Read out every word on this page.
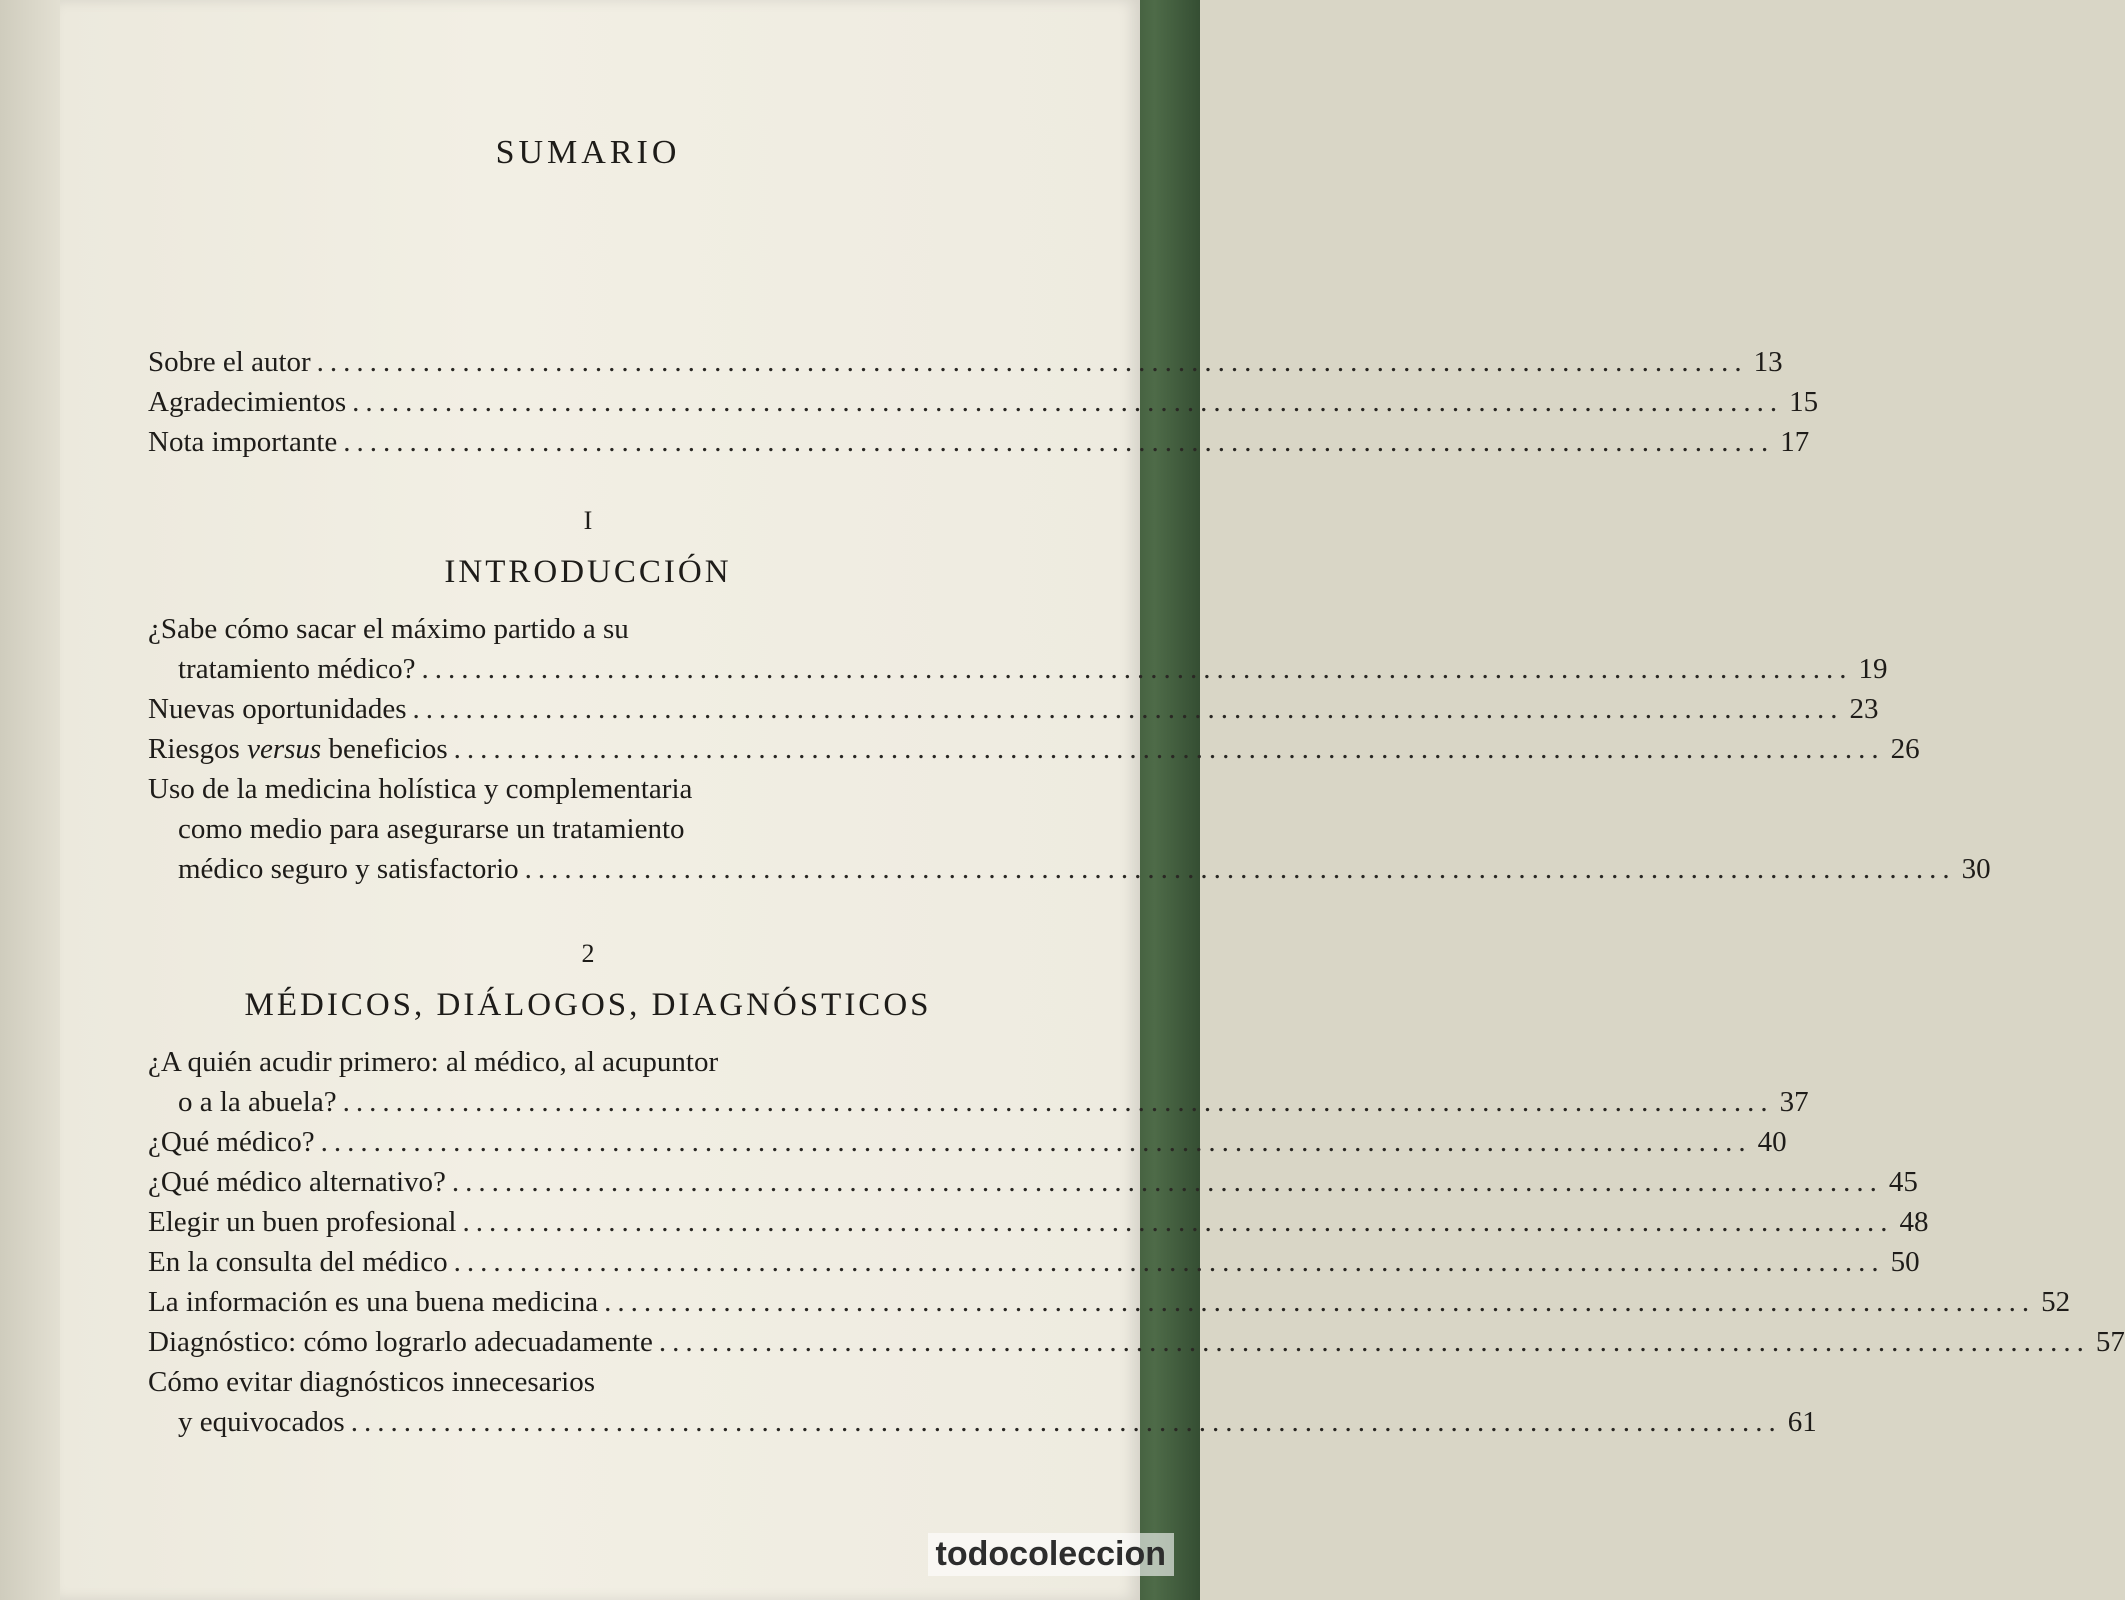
SUMARIO
Sobre el autor ............................................................................................................ 13
Agradecimientos ............................................................................................................ 15
Nota importante ............................................................................................................ 17
I
INTRODUCCIÓN
¿Sabe cómo sacar el máximo partido a su
tratamiento médico? ............................................................................................................ 19
Nuevas oportunidades ............................................................................................................ 23
Riesgos versus beneficios ............................................................................................................ 26
Uso de la medicina holística y complementaria
como medio para asegurarse un tratamiento
médico seguro y satisfactorio ............................................................................................................ 30
2
MÉDICOS, DIÁLOGOS, DIAGNÓSTICOS
¿A quién acudir primero: al médico, al acupuntor
o a la abuela? ............................................................................................................ 37
¿Qué médico? ............................................................................................................ 40
¿Qué médico alternativo? ............................................................................................................ 45
Elegir un buen profesional ............................................................................................................ 48
En la consulta del médico ............................................................................................................ 50
La información es una buena medicina ............................................................................................................ 52
Diagnóstico: cómo lograrlo adecuadamente ............................................................................................................ 57
Cómo evitar diagnósticos innecesarios
y equivocados ............................................................................................................ 61
todocoleccion
